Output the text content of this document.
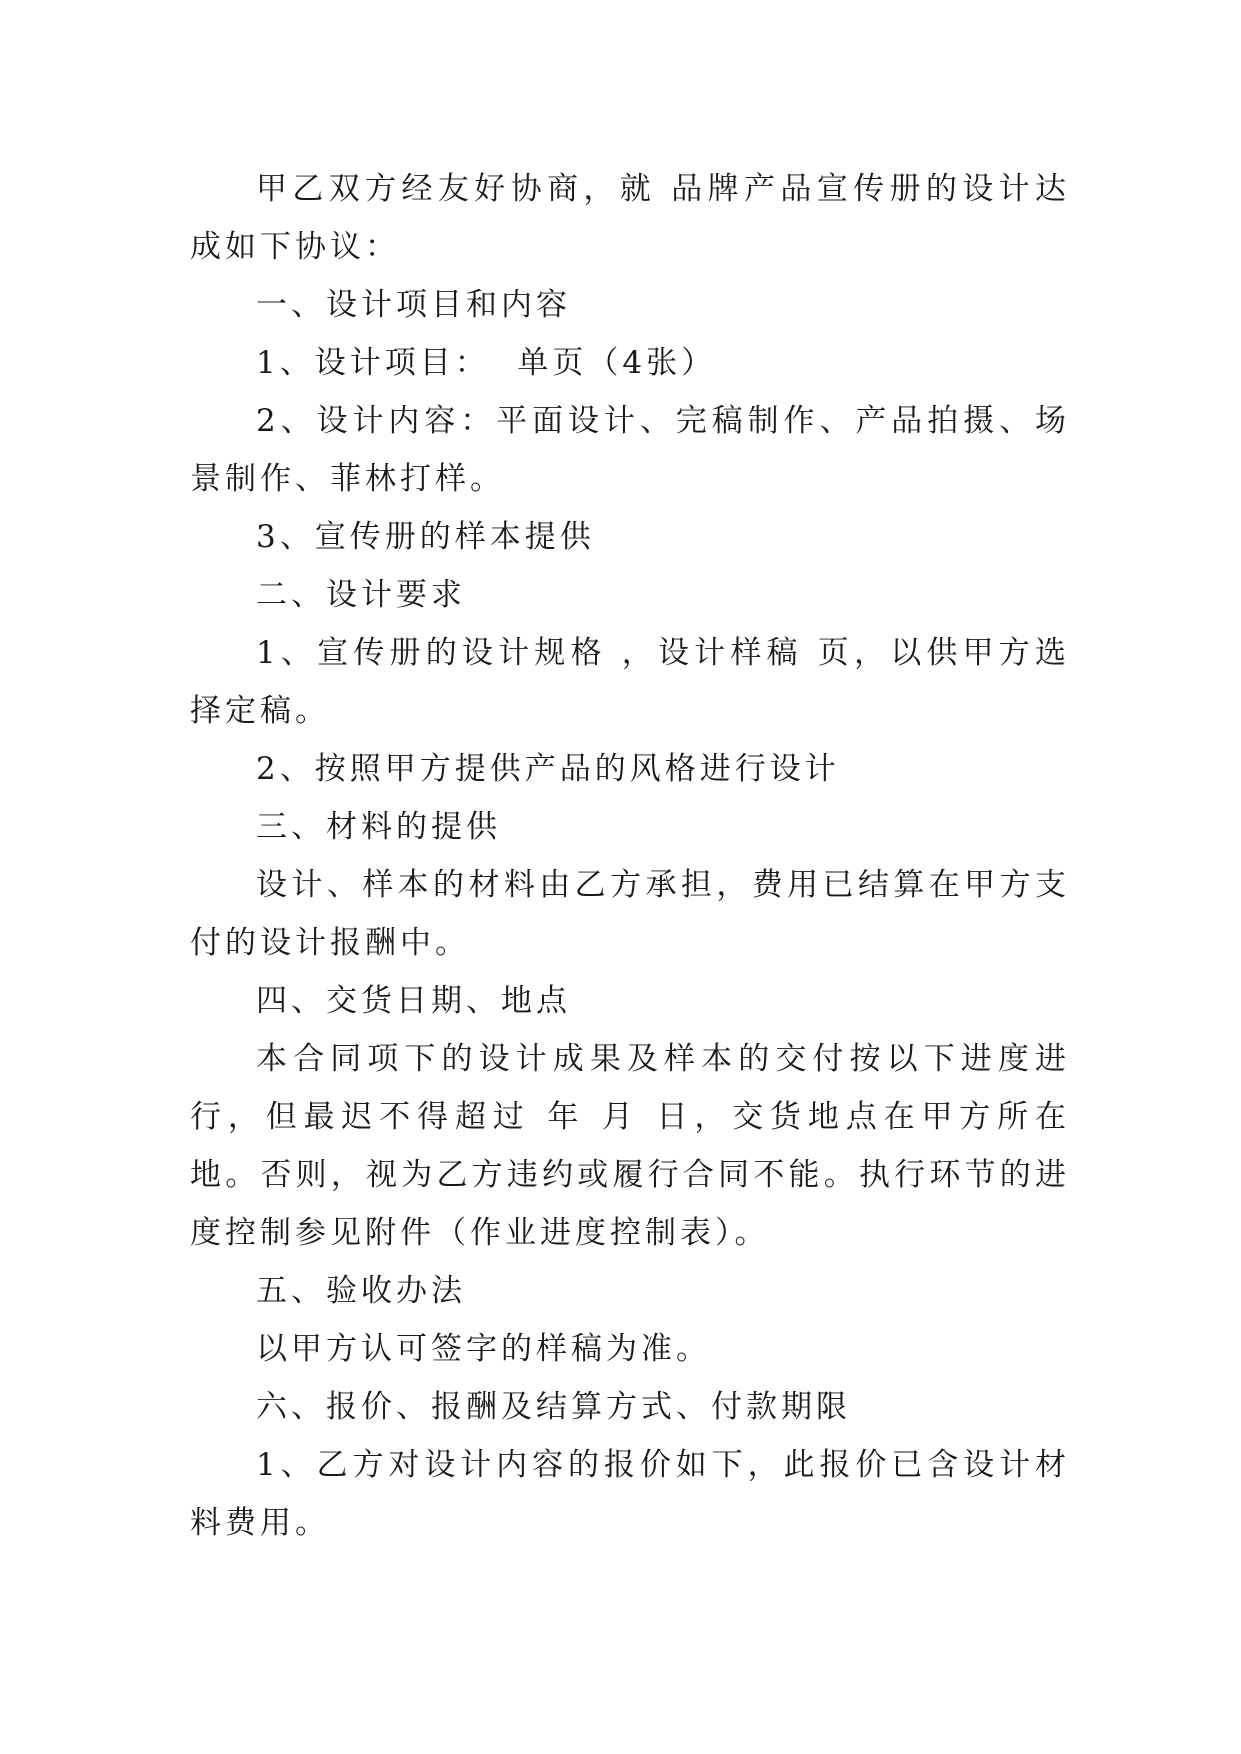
甲乙双方经友好协商，就 品牌产品宣传册的设计达成如下协议：

一、设计项目和内容

1、设计项目：  单页（4张）

2、设计内容：平面设计、完稿制作、产品拍摄、场景制作、菲林打样。

3、宣传册的样本提供

二、设计要求

1、宣传册的设计规格 ，设计样稿 页，以供甲方选择定稿。

2、按照甲方提供产品的风格进行设计

三、材料的提供

设计、样本的材料由乙方承担，费用已结算在甲方支付的设计报酬中。

四、交货日期、地点

本合同项下的设计成果及样本的交付按以下进度进行，但最迟不得超过 年 月 日，交货地点在甲方所在地。否则，视为乙方违约或履行合同不能。执行环节的进度控制参见附件（作业进度控制表）。

五、验收办法

以甲方认可签字的样稿为准。

六、报价、报酬及结算方式、付款期限

1、乙方对设计内容的报价如下，此报价已含设计材料费用。
